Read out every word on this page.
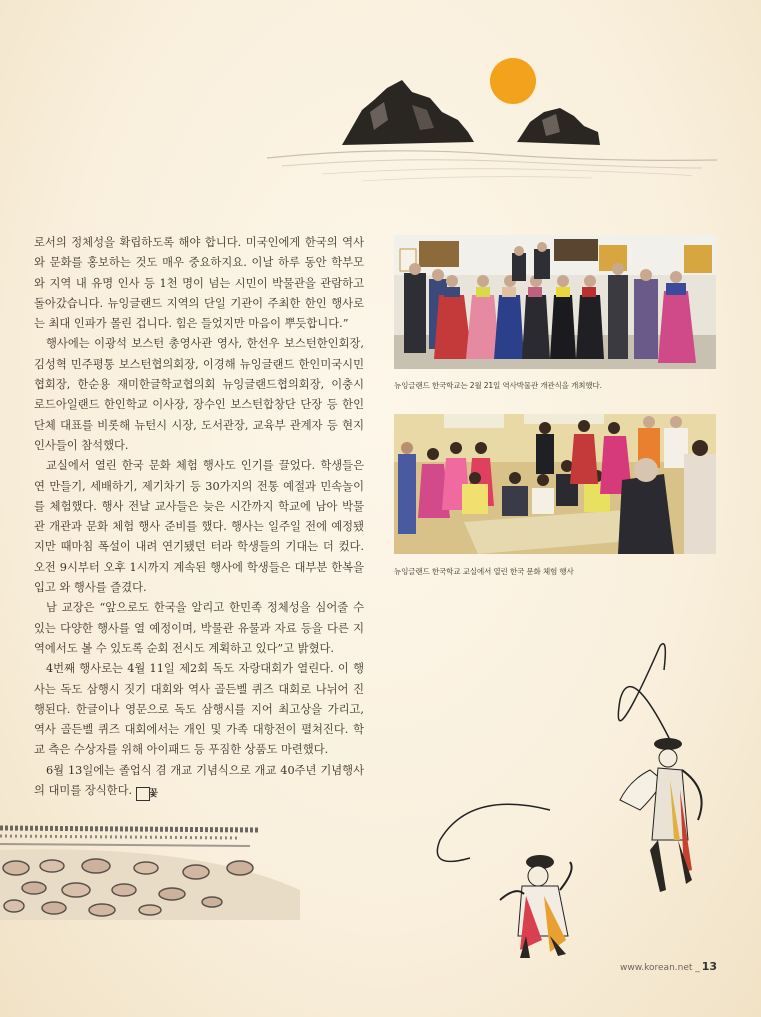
로서의 정체성을 확립하도록 해야 합니다. 미국인에게 한국의 역사와 문화를 홍보하는 것도 매우 중요하지요. 이날 하루 동안 학부모와 지역 내 유명 인사 등 1천 명이 넘는 시민이 박물관을 관람하고 돌아갔습니다. 뉴잉글랜드 지역의 단일 기관이 주최한 한인 행사로는 최대 인파가 몰린 겁니다. 힘은 들었지만 마음이 뿌듯합니다.”

행사에는 이광석 보스턴 총영사관 영사, 한선우 보스턴한인회장, 김성혁 민주평통 보스턴협의회장, 이경해 뉴잉글랜드 한인미국시민협회장, 한순용 재미한글학교협의회 뉴잉글랜드협의회장, 이충시 로드아일랜드 한인학교 이사장, 장수인 보스턴합창단 단장 등 한인단체 대표를 비롯해 뉴턴시 시장, 도서관장, 교육부 관계자 등 현지 인사들이 참석했다.

교실에서 열린 한국 문화 체험 행사도 인기를 끌었다. 학생들은 연 만들기, 세배하기, 제기차기 등 30가지의 전통 예절과 민속놀이를 체험했다. 행사 전날 교사들은 늦은 시간까지 학교에 남아 박물관 개관과 문화 체험 행사 준비를 했다. 행사는 일주일 전에 예정됐지만 때마침 폭설이 내려 연기됐던 터라 학생들의 기대는 더 컸다. 오전 9시부터 오후 1시까지 계속된 행사에 학생들은 대부분 한복을 입고 와 행사를 즐겼다.

남 교장은 “앞으로도 한국을 알리고 한민족 정체성을 심어줄 수 있는 다양한 행사를 열 예정이며, 박물관 유물과 자료 등을 다른 지역에서도 볼 수 있도록 순회 전시도 계획하고 있다”고 밝혔다.

4번째 행사로는 4월 11일 제2회 독도 자랑대회가 열린다. 이 행사는 독도 삼행시 짓기 대회와 역사 골든벨 퀴즈 대회로 나뉘어 진행된다. 한글이나 영문으로 독도 삼행시를 지어 최고상을 가리고, 역사 골든벨 퀴즈 대회에서는 개인 및 가족 대항전이 펼쳐진다. 학교 측은 수상자를 위해 아이패드 등 푸짐한 상품도 마련했다.

6월 13일에는 졸업식 겸 개교 기념식으로 개교 40주년 기념행사의 대미를 장식한다. 꽃

뉴잉글랜드 한국학교는 2월 21일 역사박물관 개관식을 개최했다.
뉴잉글랜드 한국학교 교실에서 열린 한국 문화 체험 행사
www.korean.net _ 13
